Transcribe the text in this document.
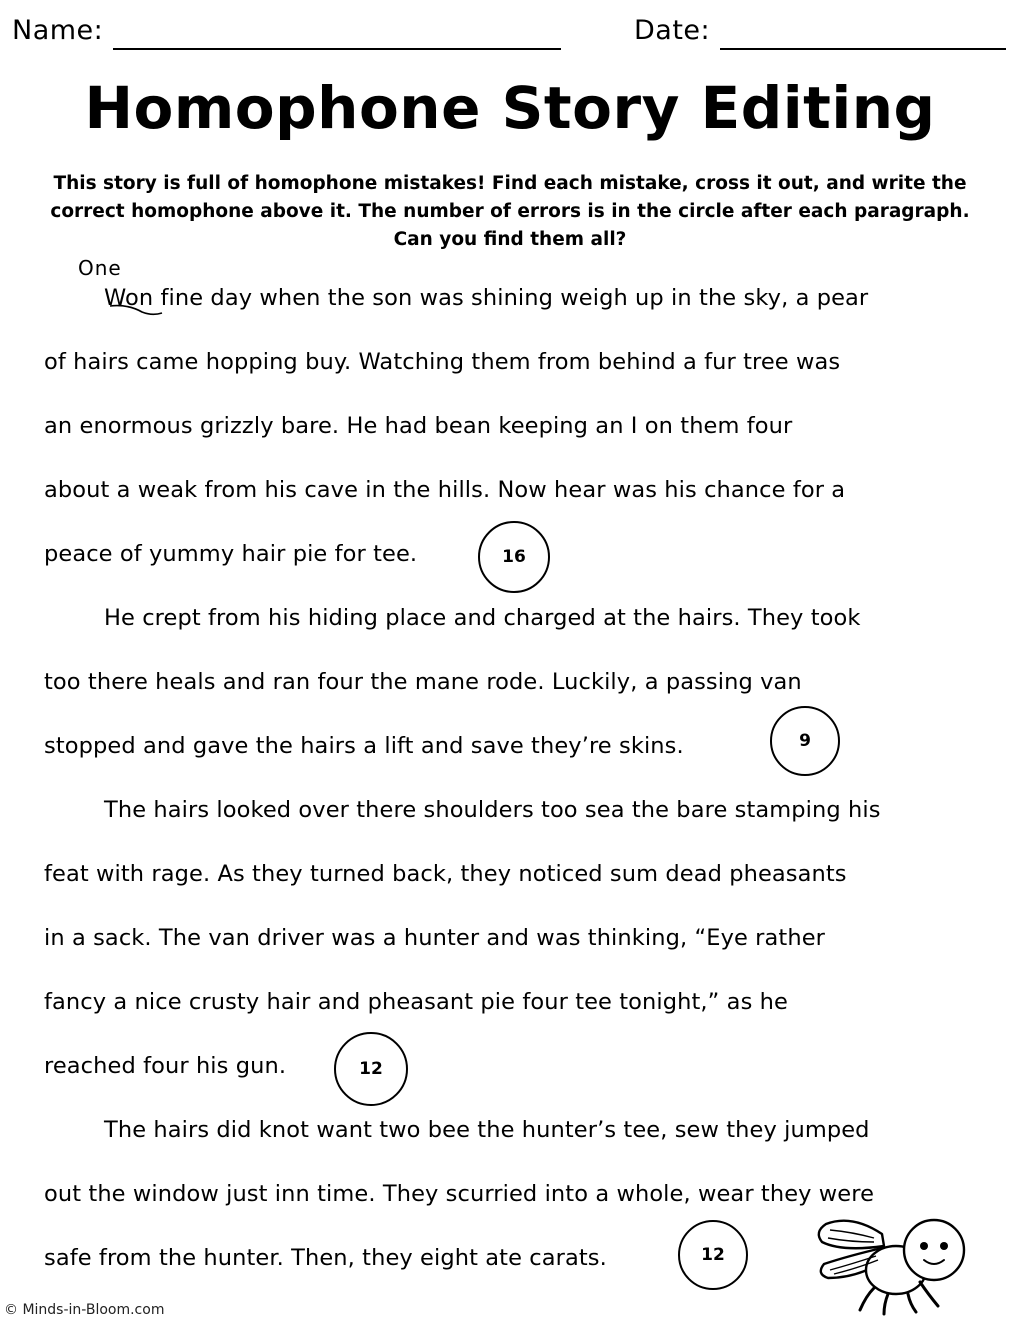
Name:	Date:
Homophone Story Editing

This story is full of homophone mistakes! Find each mistake, cross it out, and write the correct homophone above it. The number of errors is in the circle after each paragraph. Can you find them all?

One
Won fine day when the son was shining weigh up in the sky, a pear
of hairs came hopping buy. Watching them from behind a fur tree was
an enormous grizzly bare. He had bean keeping an I on them four
about a weak from his cave in the hills. Now hear was his chance for a
peace of yummy hair pie for tee.	16
He crept from his hiding place and charged at the hairs. They took
too there heals and ran four the mane rode. Luckily, a passing van
stopped and gave the hairs a lift and save they’re skins.	9
The hairs looked over there shoulders too sea the bare stamping his
feat with rage. As they turned back, they noticed sum dead pheasants
in a sack. The van driver was a hunter and was thinking, “Eye rather
fancy a nice crusty hair and pheasant pie four tee tonight,” as he
reached four his gun.	12
The hairs did knot want two bee the hunter’s tee, sew they jumped
out the window just inn time. They scurried into a whole, wear they were
safe from the hunter. Then, they eight ate carats.	12
© Minds-in-Bloom.com
